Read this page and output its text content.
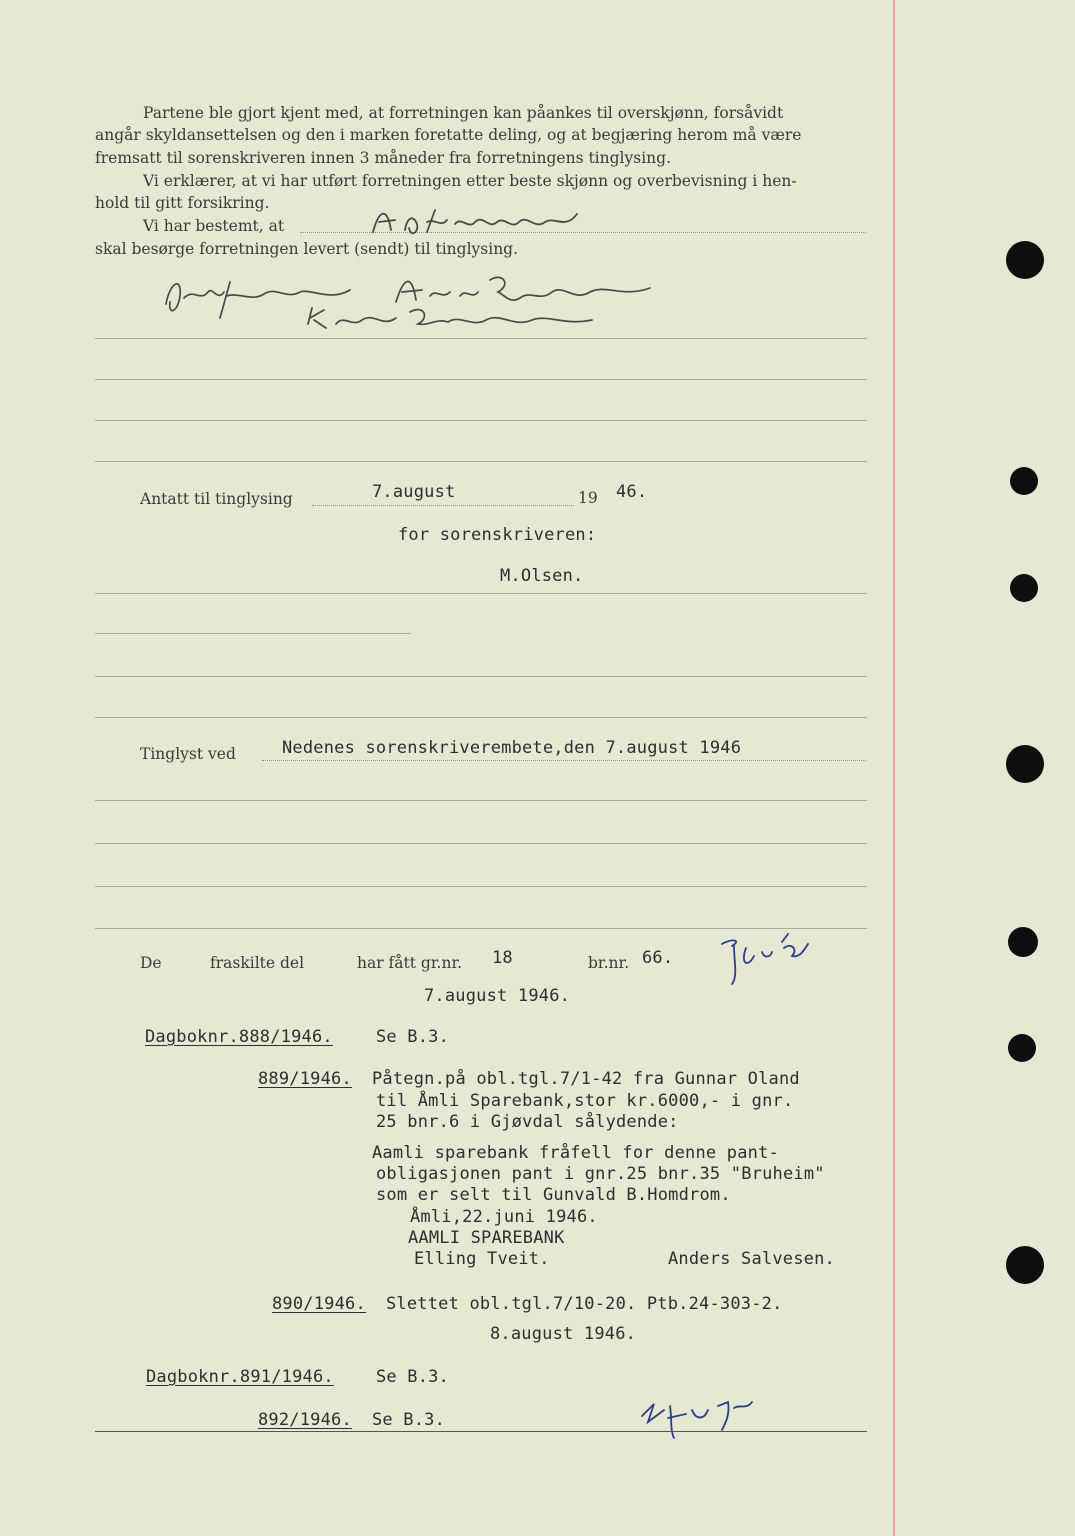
Partene ble gjort kjent med, at forretningen kan påankes til overskjønn, forsåvidt
angår skyldansettelsen og den i marken foretatte deling, og at begjæring herom må være
fremsatt til sorenskriveren innen 3 måneder fra forretningens tinglysing.
Vi erklærer, at vi har utført forretningen etter beste skjønn og overbevisning i hen-
hold til gitt forsikring.
Vi har bestemt, at
skal besørge forretningen levert (sendt) til tinglysing.
Antatt til tinglysing	7.august	19 46.
for sorenskriveren:
M.Olsen.
Tinglyst ved	Nedenes sorenskriverembete,den 7.august 1946
De	fraskilte del	har fått gr.nr. 18	br.nr. 66.
7.august 1946.
Dagboknr.888/1946.	Se B.3.
889/1946. Påtegn.på obl.tgl.7/1-42 fra Gunnar Oland
til Åmli Sparebank,stor kr.6000,- i gnr.
25 bnr.6 i Gjøvdal sålydende:
Aamli sparebank fråfell for denne pant-
obligasjonen pant i gnr.25 bnr.35 "Bruheim"
som er selt til Gunvald B.Homdrom.
Åmli,22.juni 1946.
AAMLI SPAREBANK
Elling Tveit.	Anders Salvesen.
890/1946. Slettet obl.tgl.7/10-20. Ptb.24-303-2.
8.august 1946.
Dagboknr.891/1946. Se B.3.
892/1946. Se B.3.
